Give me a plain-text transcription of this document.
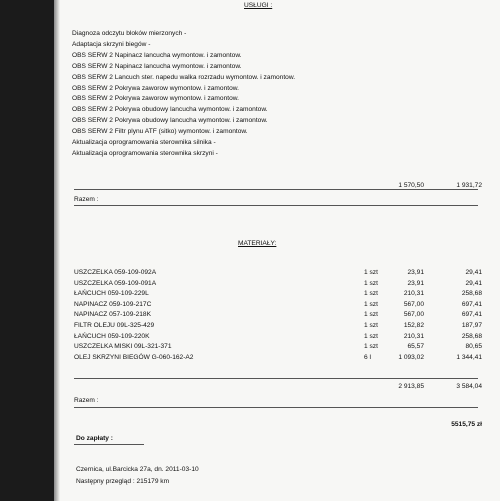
USŁUGI :
Diagnoza odczytu bloków mierzonych -
Adaptacja skrzyni biegów -
OBS SERW 2 Napinacz lancucha wymontow. i zamontow.
OBS SERW 2 Napinacz lancucha wymontow. i zamontow.
OBS SERW 2 Lancuch ster. napedu walka rozrzadu wymontow. i zamontow.
OBS SERW 2 Pokrywa zaworow wymontow. i zamontow.
OBS SERW 2 Pokrywa zaworow wymontow. i zamontow.
OBS SERW 2 Pokrywa obudowy lancucha wymontow. i zamontow.
OBS SERW 2 Pokrywa obudowy lancucha wymontow. i zamontow.
OBS SERW 2 Filtr plynu ATF (sitko) wymontow. i zamontow.
Aktualizacja oprogramowania sterownika silnika -
Aktualizacja oprogramowania sterownika skrzyni -
1 570,50	1 931,72
Razem :
MATERIAŁY:
USZCZELKA 059-109-092A	1 szt	23,91	29,41
USZCZELKA 059-109-091A	1 szt	23,91	29,41
ŁAŃCUCH 059-109-229L	1 szt	210,31	258,68
NAPINACZ 059-109-217C	1 szt	567,00	697,41
NAPINACZ 057-109-218K	1 szt	567,00	697,41
FILTR OLEJU 09L-325-429	1 szt	152,82	187,97
ŁAŃCUCH 059-109-220K	1 szt	210,31	258,68
USZCZELKA MISKI 09L-321-371	1 szt	65,57	80,65
OLEJ SKRZYNI BIEGÓW G-060-162-A2	6 l	1 093,02	1 344,41
2 913,85	3 584,04
Razem :
5515,75 zł
Do zapłaty :
Czernica, ul.Barcicka 27a, dn. 2011-03-10
Następny przegląd : 215179 km
